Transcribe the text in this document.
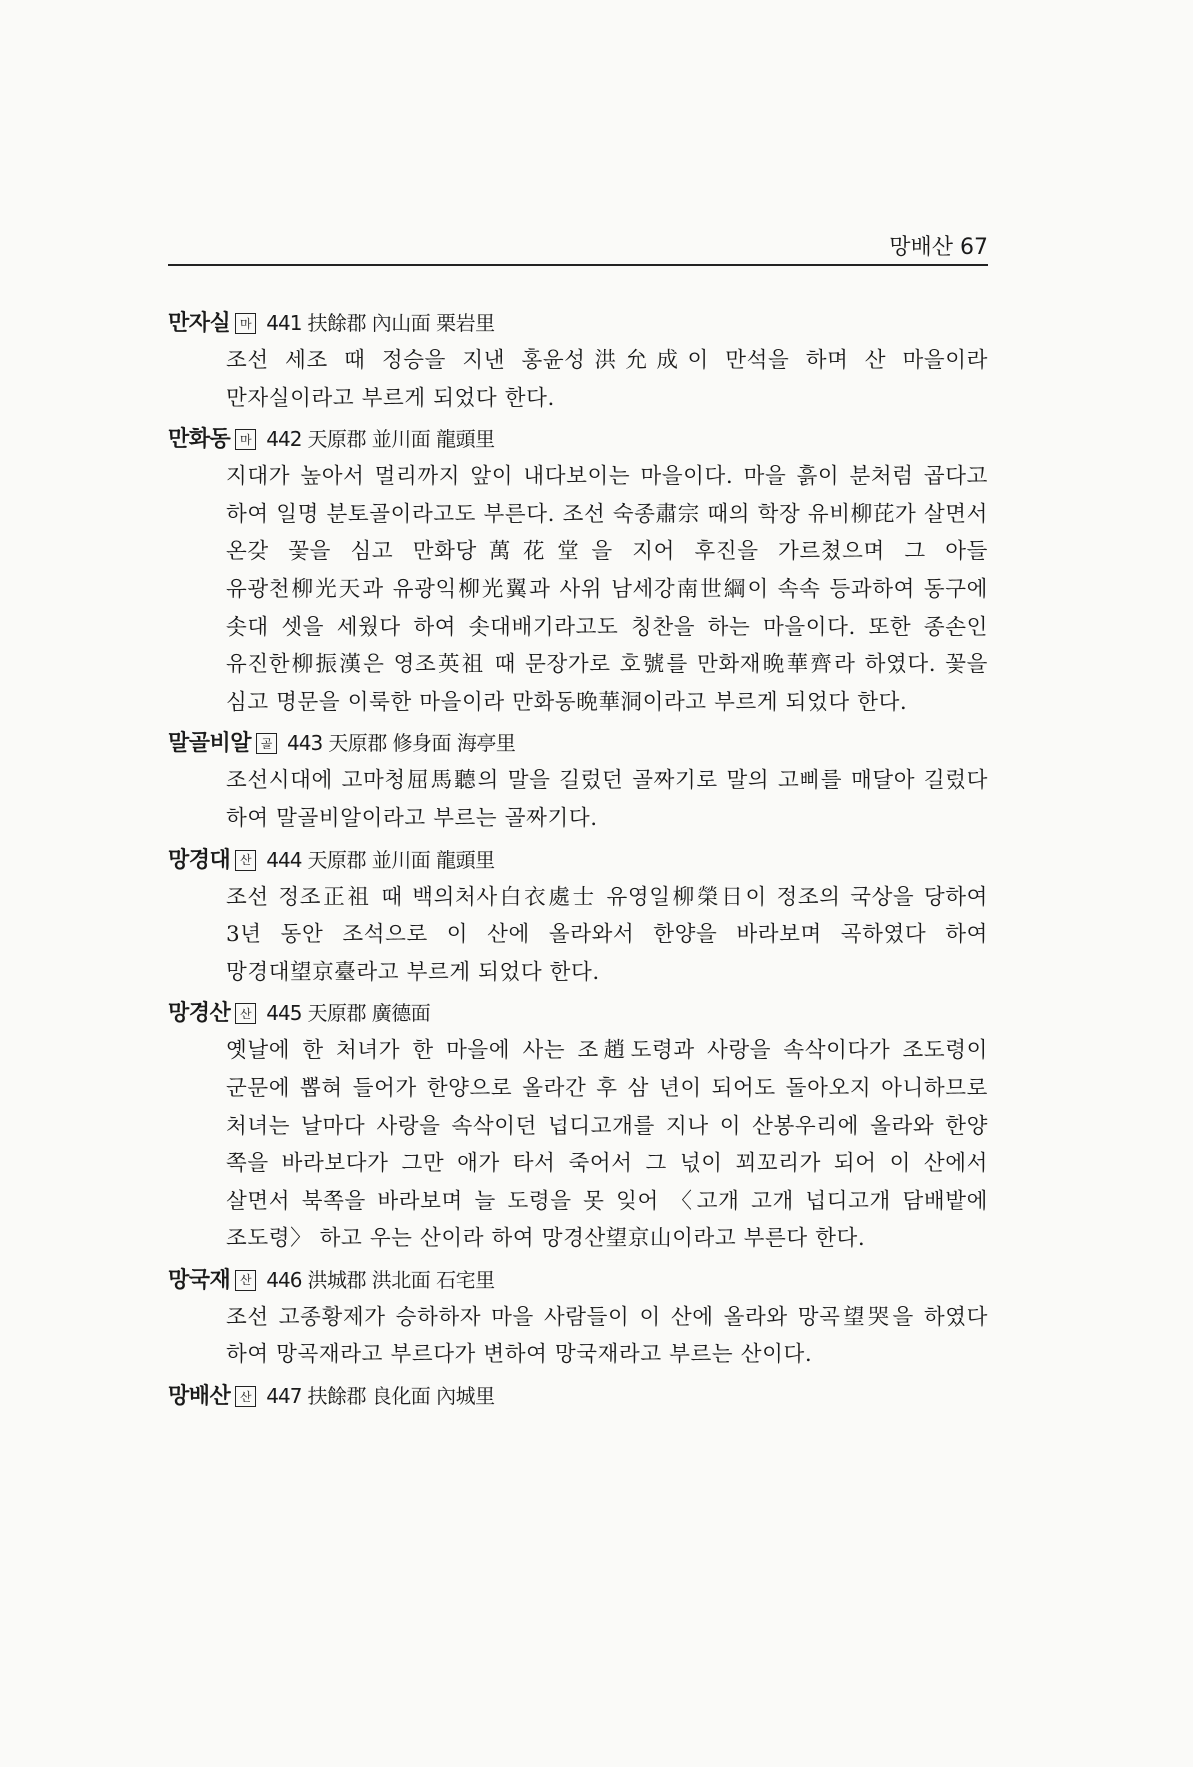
망배산 67
만자실 마 441 扶餘郡 內山面 栗岩里

조선 세조 때 정승을 지낸 홍윤성洪允成이 만석을 하며 산 마을이라 만자실이라고 부르게 되었다 한다.

만화동 마 442 天原郡 並川面 龍頭里

지대가 높아서 멀리까지 앞이 내다보이는 마을이다. 마을 흙이 분처럼 곱다고 하여 일명 분토골이라고도 부른다. 조선 숙종肅宗 때의 학장 유비柳芘가 살면서 온갖 꽃을 심고 만화당萬花堂을 지어 후진을 가르쳤으며 그 아들 유광천柳光天과 유광익柳光翼과 사위 남세강南世綱이 속속 등과하여 동구에 솟대 셋을 세웠다 하여 솟대배기라고도 칭찬을 하는 마을이다. 또한 종손인 유진한柳振漢은 영조英祖 때 문장가로 호號를 만화재晩華齊라 하였다. 꽃을 심고 명문을 이룩한 마을이라 만화동晩華洞이라고 부르게 되었다 한다.

말골비알 골 443 天原郡 修身面 海亭里

조선시대에 고마청屈馬聽의 말을 길렀던 골짜기로 말의 고삐를 매달아 길렀다 하여 말골비알이라고 부르는 골짜기다.

망경대 산 444 天原郡 並川面 龍頭里

조선 정조正祖 때 백의처사白衣處士 유영일柳榮日이 정조의 국상을 당하여 3년 동안 조석으로 이 산에 올라와서 한양을 바라보며 곡하였다 하여 망경대望京臺라고 부르게 되었다 한다.

망경산 산 445 天原郡 廣德面

옛날에 한 처녀가 한 마을에 사는 조趙도령과 사랑을 속삭이다가 조도령이 군문에 뽑혀 들어가 한양으로 올라간 후 삼 년이 되어도 돌아오지 아니하므로 처녀는 날마다 사랑을 속삭이던 넙디고개를 지나 이 산봉우리에 올라와 한양 쪽을 바라보다가 그만 애가 타서 죽어서 그 넋이 꾀꼬리가 되어 이 산에서 살면서 북쪽을 바라보며 늘 도령을 못 잊어 〈고개 고개 넙디고개 담배밭에 조도령〉 하고 우는 산이라 하여 망경산望京山이라고 부른다 한다.

망국재 산 446 洪城郡 洪北面 石宅里

조선 고종황제가 승하하자 마을 사람들이 이 산에 올라와 망곡望哭을 하였다 하여 망곡재라고 부르다가 변하여 망국재라고 부르는 산이다.

망배산 산 447 扶餘郡 良化面 內城里
